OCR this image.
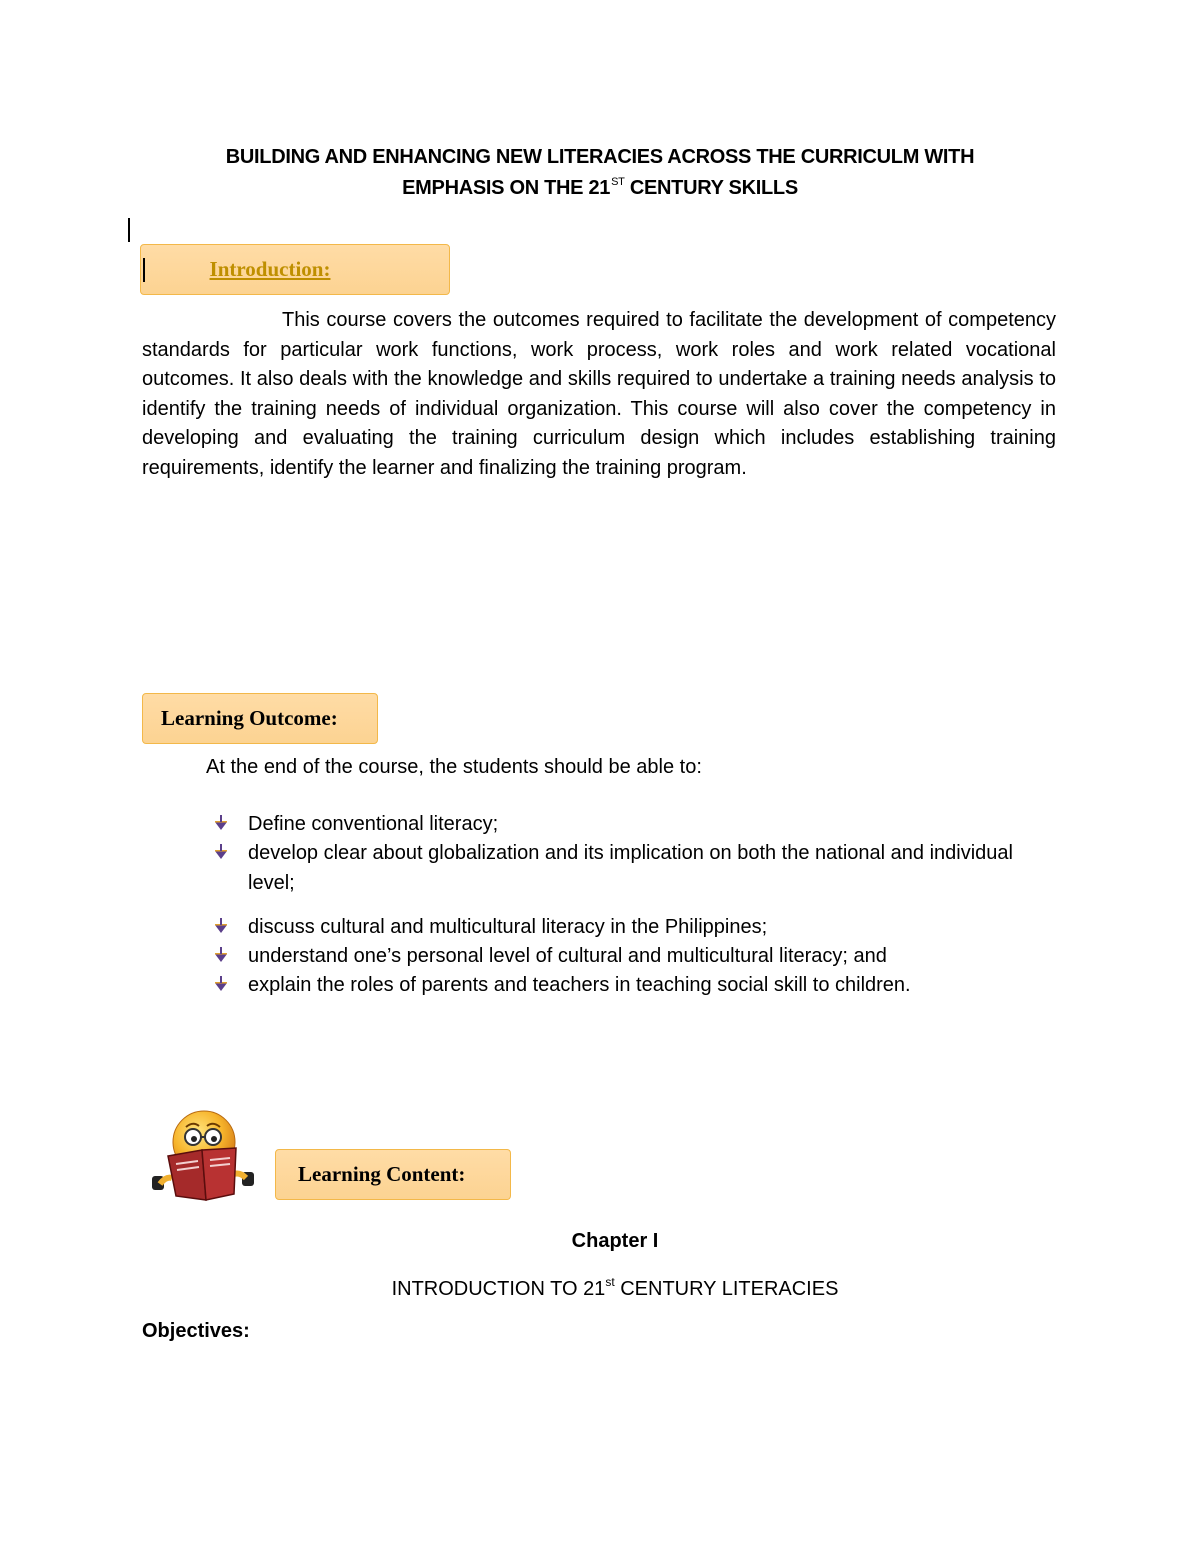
BUILDING AND ENHANCING NEW LITERACIES ACROSS THE CURRICULM WITH
EMPHASIS ON THE 21ST CENTURY SKILLS
Introduction:

This course covers the outcomes required to facilitate the development of competency standards for particular work functions, work process, work roles and work related vocational outcomes. It also deals with the knowledge and skills required to undertake a training needs analysis to identify the training needs of individual organization. This course will also cover the competency in developing and evaluating the training curriculum design which includes establishing training requirements, identify the learner and finalizing the training program.

Learning Outcome:
At the end of the course, the students should be able to:
Define conventional literacy;
develop clear about globalization and its implication on both the national and individual level;
discuss cultural and multicultural literacy in the Philippines;
understand one’s personal level of cultural and multicultural literacy; and
explain the roles of parents and teachers in teaching social skill to children.
Learning Content:
Chapter I
INTRODUCTION TO 21st CENTURY LITERACIES
Objectives:
